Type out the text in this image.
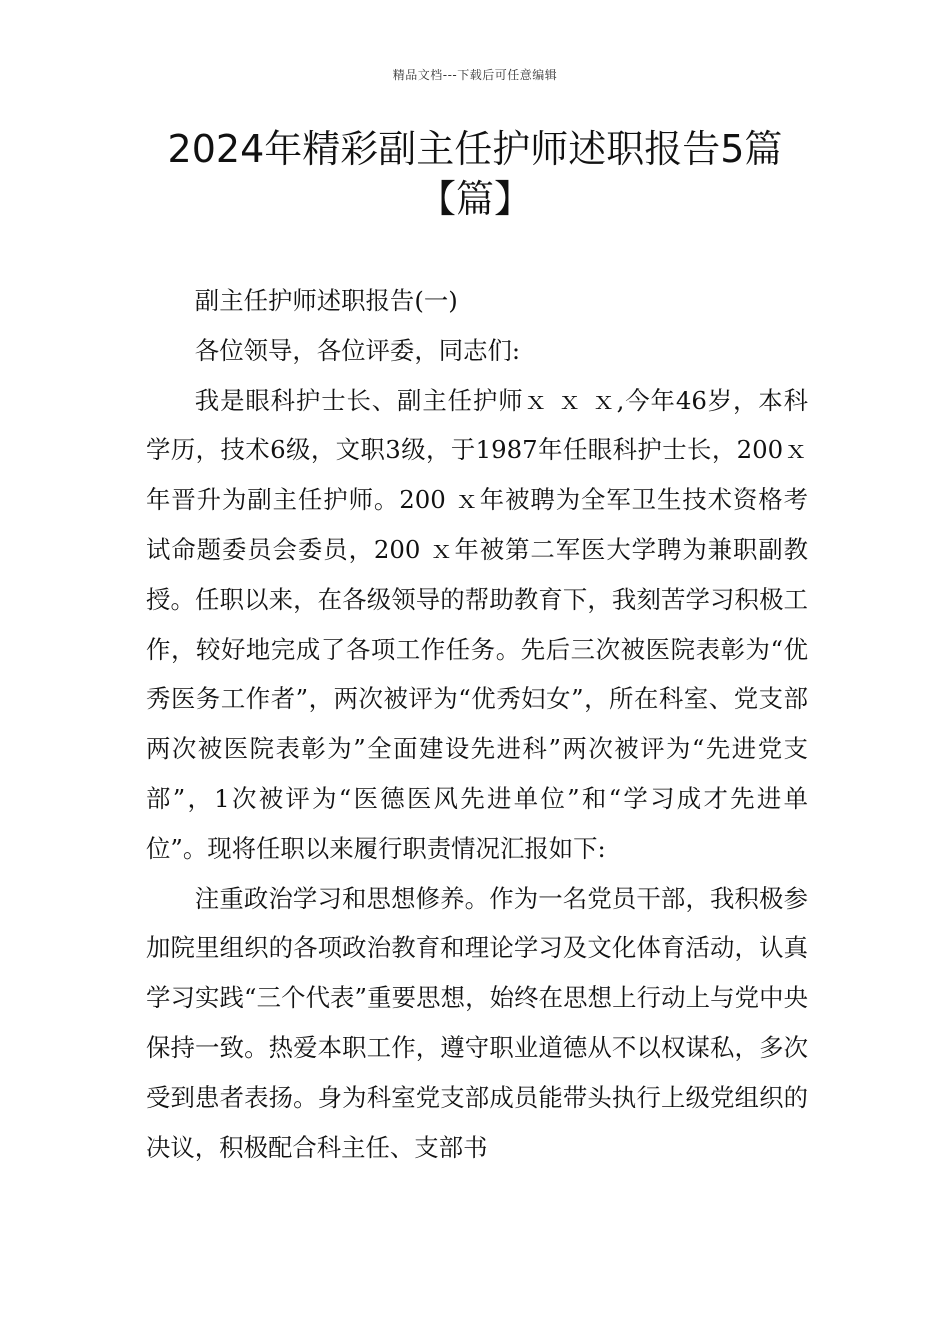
精品文档---下载后可任意编辑
2024年精彩副主任护师述职报告5篇
【篇】

副主任护师述职报告(一)

各位领导，各位评委，同志们:

我是眼科护士长、副主任护师ｘ ｘ ｘ,今年46岁，本科学历，技术6级，文职3级，于1987年任眼科护士长，200ｘ年晋升为副主任护师。200 ｘ年被聘为全军卫生技术资格考试命题委员会委员，200 ｘ年被第二军医大学聘为兼职副教授。任职以来，在各级领导的帮助教育下，我刻苦学习积极工作，较好地完成了各项工作任务。先后三次被医院表彰为“优秀医务工作者”，两次被评为“优秀妇女”，所在科室、党支部两次被医院表彰为”全面建设先进科”两次被评为“先进党支部”，1次被评为“医德医风先进单位”和“学习成才先进单位”。现将任职以来履行职责情况汇报如下:

注重政治学习和思想修养。作为一名党员干部，我积极参加院里组织的各项政治教育和理论学习及文化体育活动，认真学习实践“三个代表”重要思想，始终在思想上行动上与党中央保持一致。热爱本职工作，遵守职业道德从不以权谋私，多次受到患者表扬。身为科室党支部成员能带头执行上级党组织的决议，积极配合科主任、支部书
